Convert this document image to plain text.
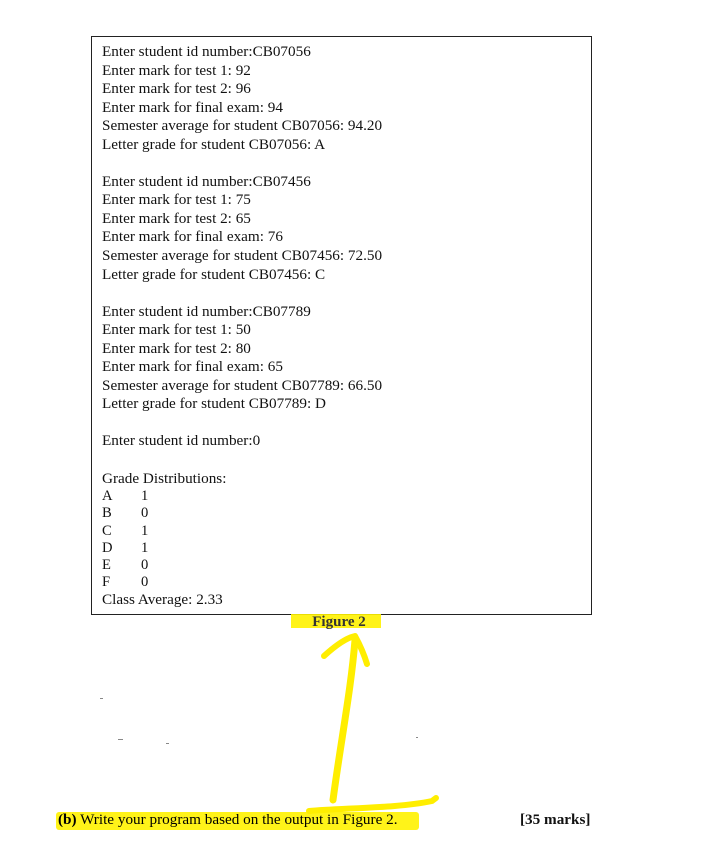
Enter student id number:CB07056
Enter mark for test 1: 92
Enter mark for test 2: 96
Enter mark for final exam: 94
Semester average for student CB07056: 94.20
Letter grade for student CB07056: A
Enter student id number:CB07456
Enter mark for test 1: 75
Enter mark for test 2: 65
Enter mark for final exam: 76
Semester average for student CB07456: 72.50
Letter grade for student CB07456: C
Enter student id number:CB07789
Enter mark for test 1: 50
Enter mark for test 2: 80
Enter mark for final exam: 65
Semester average for student CB07789: 66.50
Letter grade for student CB07789: D
Enter student id number:0
Grade Distributions:
A	1
B	0
C	1
D	1
E	0
F	0
Class Average: 2.33
Figure 2
(b) Write your program based on the output in Figure 2.	[35 marks]
